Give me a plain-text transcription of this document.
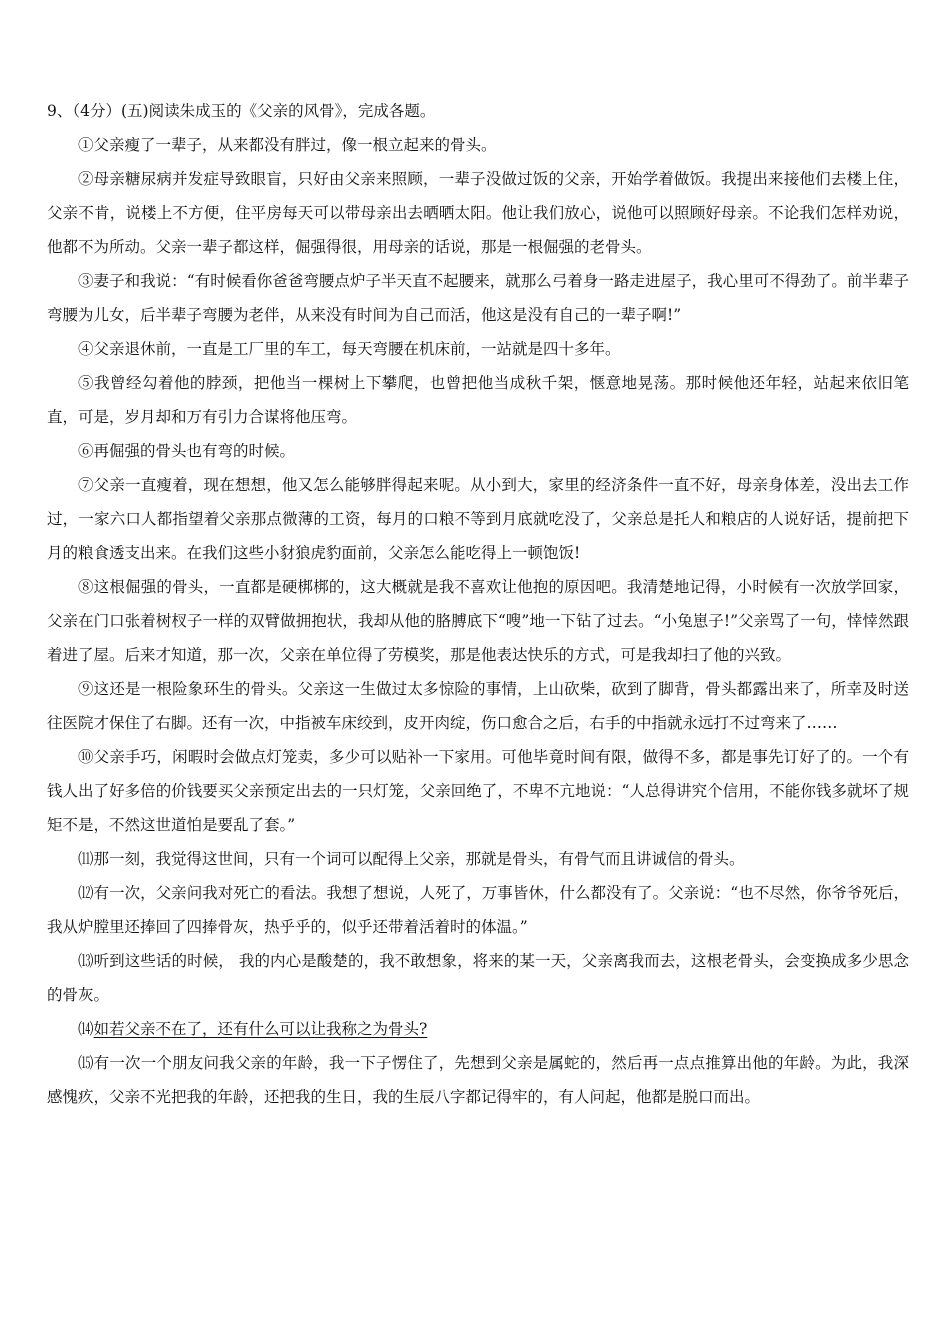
9、（4分）(五)阅读朱成玉的《父亲的风骨》，完成各题。

①父亲瘦了一辈子，从来都没有胖过，像一根立起来的骨头。

②母亲糖尿病并发症导致眼盲，只好由父亲来照顾，一辈子没做过饭的父亲，开始学着做饭。我提出来接他们去楼上住，父亲不肯，说楼上不方便，住平房每天可以带母亲出去晒晒太阳。他让我们放心，说他可以照顾好母亲。不论我们怎样劝说，他都不为所动。父亲一辈子都这样，倔强得很，用母亲的话说，那是一根倔强的老骨头。

③妻子和我说：“有时候看你爸爸弯腰点炉子半天直不起腰来，就那么弓着身一路走进屋子，我心里可不得劲了。前半辈子弯腰为儿女，后半辈子弯腰为老伴，从来没有时间为自己而活，他这是没有自己的一辈子啊!”

④父亲退休前，一直是工厂里的车工，每天弯腰在机床前，一站就是四十多年。

⑤我曾经勾着他的脖颈，把他当一棵树上下攀爬，也曾把他当成秋千架，惬意地晃荡。那时候他还年轻，站起来依旧笔直，可是，岁月却和万有引力合谋将他压弯。

⑥再倔强的骨头也有弯的时候。

⑦父亲一直瘦着，现在想想，他又怎么能够胖得起来呢。从小到大，家里的经济条件一直不好，母亲身体差，没出去工作过，一家六口人都指望着父亲那点微薄的工资，每月的口粮不等到月底就吃没了，父亲总是托人和粮店的人说好话，提前把下月的粮食透支出来。在我们这些小豺狼虎豹面前，父亲怎么能吃得上一顿饱饭!

⑧这根倔强的骨头，一直都是硬梆梆的，这大概就是我不喜欢让他抱的原因吧。我清楚地记得，小时候有一次放学回家，父亲在门口张着树杈子一样的双臂做拥抱状，我却从他的胳膊底下“嗖”地一下钻了过去。“小兔崽子!”父亲骂了一句，悻悻然跟着进了屋。后来才知道，那一次，父亲在单位得了劳模奖，那是他表达快乐的方式，可是我却扫了他的兴致。

⑨这还是一根险象环生的骨头。父亲这一生做过太多惊险的事情，上山砍柴，砍到了脚背，骨头都露出来了，所幸及时送往医院才保住了右脚。还有一次，中指被车床绞到，皮开肉绽，伤口愈合之后，右手的中指就永远打不过弯来了……

⑩父亲手巧，闲暇时会做点灯笼卖，多少可以贴补一下家用。可他毕竟时间有限，做得不多，都是事先订好了的。一个有钱人出了好多倍的价钱要买父亲预定出去的一只灯笼，父亲回绝了，不卑不亢地说：“人总得讲究个信用，不能你钱多就坏了规矩不是，不然这世道怕是要乱了套。”

⑾那一刻，我觉得这世间，只有一个词可以配得上父亲，那就是骨头，有骨气而且讲诚信的骨头。

⑿有一次，父亲问我对死亡的看法。我想了想说，人死了，万事皆休，什么都没有了。父亲说：“也不尽然，你爷爷死后，我从炉膛里还捧回了四捧骨灰，热乎乎的，似乎还带着活着时的体温。”

⒀听到这些话的时候， 我的内心是酸楚的，我不敢想象，将来的某一天，父亲离我而去，这根老骨头，会变换成多少思念的骨灰。

⒁如若父亲不在了，还有什么可以让我称之为骨头?

⒂有一次一个朋友问我父亲的年龄，我一下子愣住了，先想到父亲是属蛇的，然后再一点点推算出他的年龄。为此，我深感愧疚，父亲不光把我的年龄，还把我的生日，我的生辰八字都记得牢的，有人问起，他都是脱口而出。
